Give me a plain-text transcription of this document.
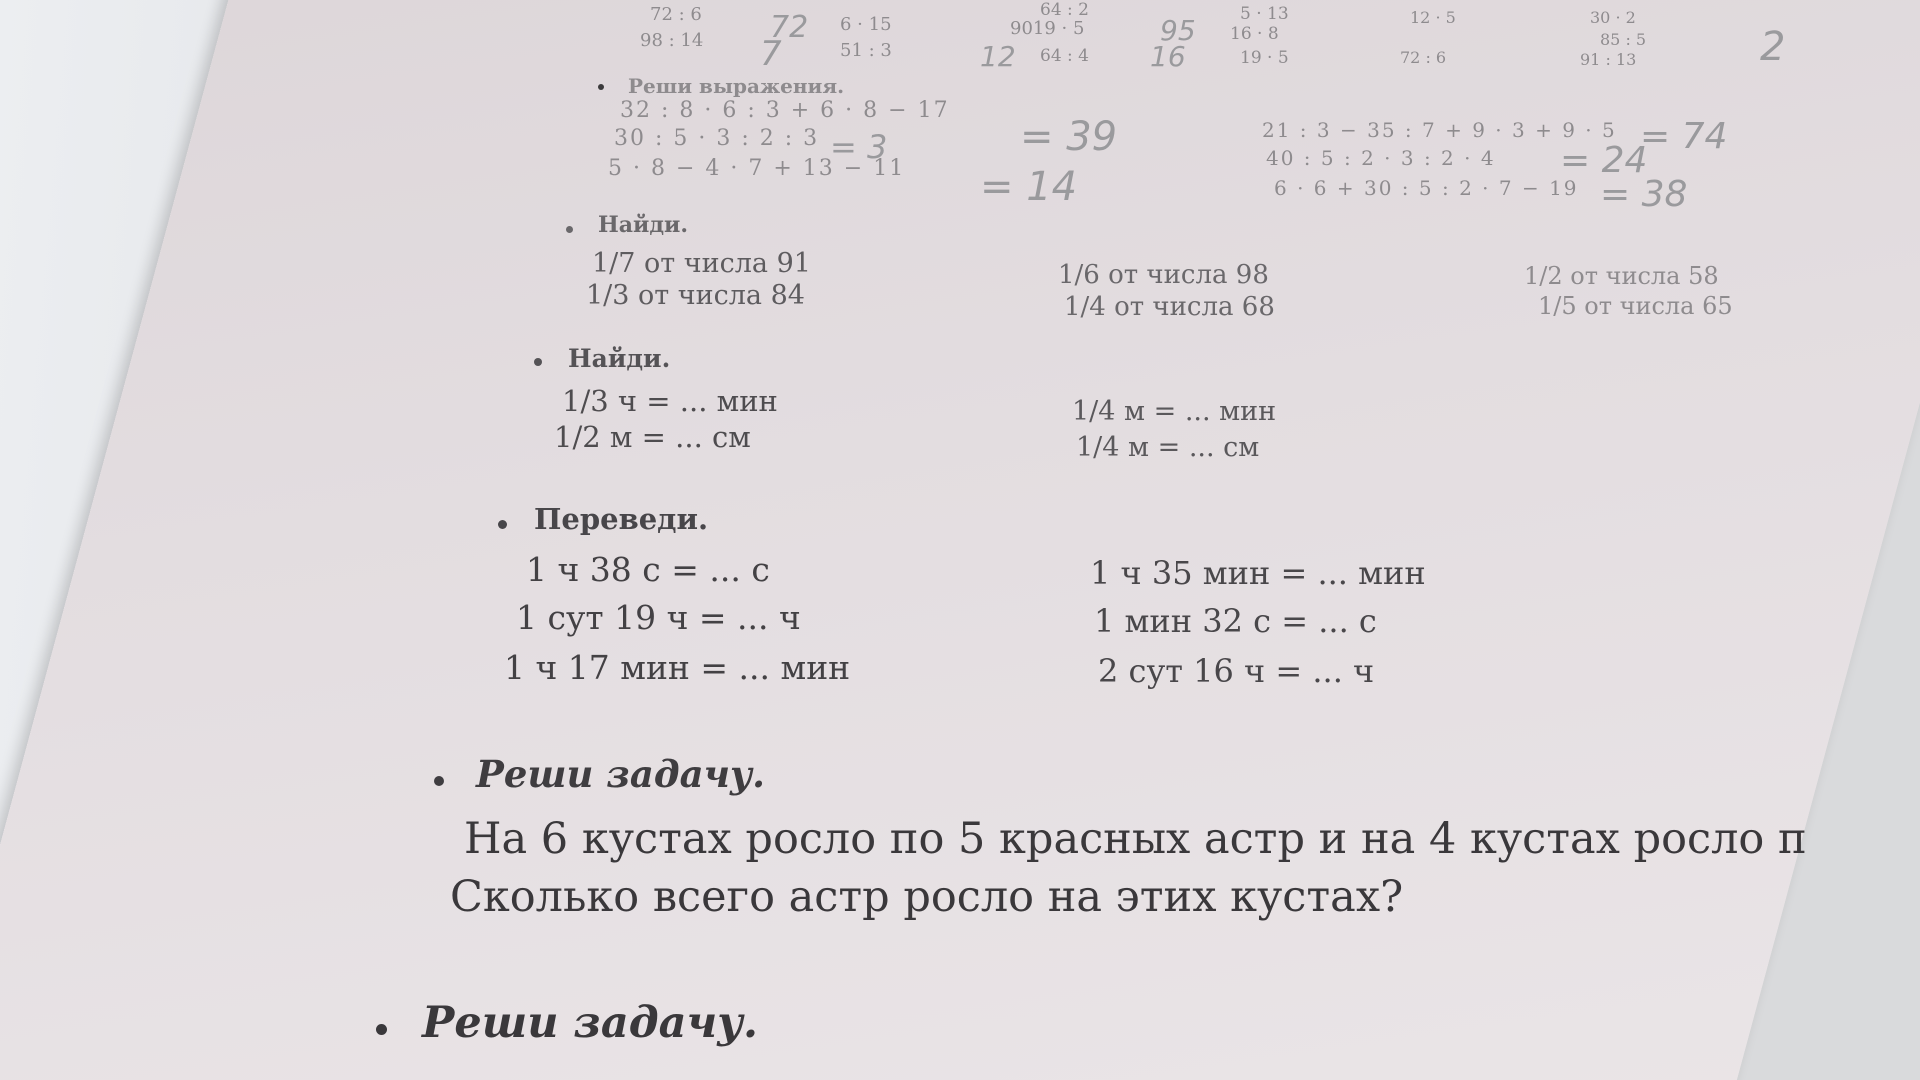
72 : 6	6 · 15	9019 · 5
64 : 2
16 · 8
5 · 13	12 · 5	30 · 2
85 : 5
98 : 14	51 : 3	64 : 4	19 · 5	72 : 6	91 : 13
72
7	12
95
16	2
Реши выражения.
32 : 8 · 6 : 3 + 6 · 8 − 17
= 39
30 : 5 · 3 : 2 : 3 = 3
5 · 8 − 4 · 7 + 13 − 11 = 14
21 : 3 − 35 : 7 + 9 · 3 + 9 · 5 = 74
40 : 5 : 2 · 3 : 2 · 4 = 24
6 · 6 + 30 : 5 : 2 · 7 − 19 = 38
Найди.
1/7 от числа 91
1/3 от числа 84
1/6 от числа 98
1/4 от числа 68
1/2 от числа 58
1/5 от числа 65
Найди.
1/3 ч = ... мин
1/2 м = ... см
1/4 м = ... мин
1/4 м = ... см
Переведи.
1 ч 38 с = ... с
1 сут 19 ч = ... ч
1 ч 17 мин = ... мин
1 ч 35 мин = ... мин
1 мин 32 с = ... с
2 сут 16 ч = ... ч
Реши задачу.
На 6 кустах росло по 5 красных астр и на 4 кустах росло п
Сколько всего астр росло на этих кустах?
Реши задачу.
